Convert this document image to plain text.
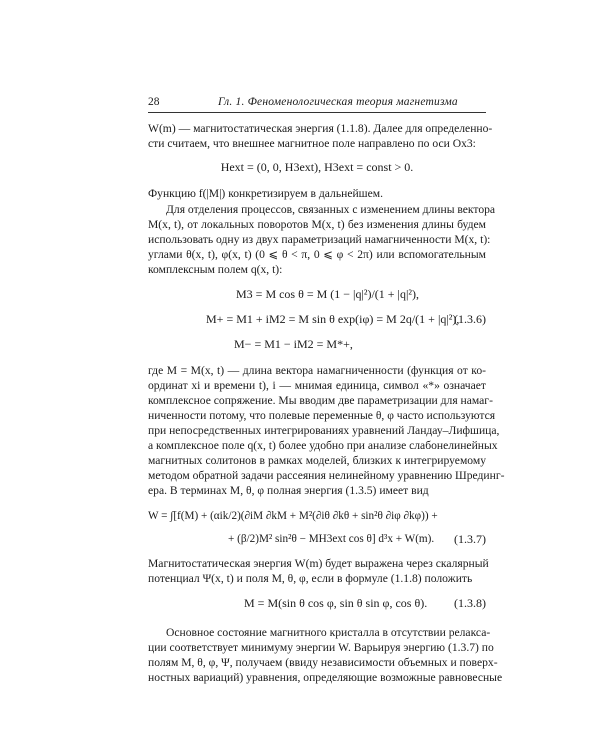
28	Гл. 1. Феноменологическая теория магнетизма
W(m) — магнитостатическая энергия (1.1.8). Далее для определенно-
сти считаем, что внешнее магнитное поле направлено по оси Ox3:
Hext = (0, 0, H3ext), H3ext = const > 0.
Функцию f(|M|) конкретизируем в дальнейшем.
Для отделения процессов, связанных с изменением длины вектора
M(x, t), от локальных поворотов M(x, t) без изменения длины будем
использовать одну из двух параметризаций намагниченности M(x, t):
углами θ(x, t), φ(x, t) (0 ⩽ θ < π, 0 ⩽ φ < 2π) или вспомогательным
комплексным полем q(x, t):
M3 = M cos θ = M (1 − |q|²)/(1 + |q|²),
M+ = M1 + iM2 = M sin θ exp(iφ) = M 2q/(1 + |q|²),
(1.3.6)
M− = M1 − iM2 = M*+,
где M = M(x, t) — длина вектора намагниченности (функция от ко-
ординат xi и времени t), i — мнимая единица, символ «*» означает
комплексное сопряжение. Мы вводим две параметризации для намаг-
ниченности потому, что полевые переменные θ, φ часто используются
при непосредственных интегрированиях уравнений Ландау–Лифшица,
а комплексное поле q(x, t) более удобно при анализе слабонелинейных
магнитных солитонов в рамках моделей, близких к интегрируемому
методом обратной задачи рассеяния нелинейному уравнению Шрединг-
ера. В терминах M, θ, φ полная энергия (1.3.5) имеет вид
W = ∫[f(M) + (αik/2)(∂iM ∂kM + M²(∂iθ ∂kθ + sin²θ ∂iφ ∂kφ)) +
+ (β/2)M² sin²θ − MH3ext cos θ] d³x + W(m).	(1.3.7)
Магнитостатическая энергия W(m) будет выражена через скалярный
потенциал Ψ(x, t) и поля M, θ, φ, если в формуле (1.1.8) положить
M = M(sin θ cos φ, sin θ sin φ, cos θ).	(1.3.8)
Основное состояние магнитного кристалла в отсутствии релакса-
ции соответствует минимуму энергии W. Варьируя энергию (1.3.7) по
полям M, θ, φ, Ψ, получаем (ввиду независимости объемных и поверх-
ностных вариаций) уравнения, определяющие возможные равновесные
